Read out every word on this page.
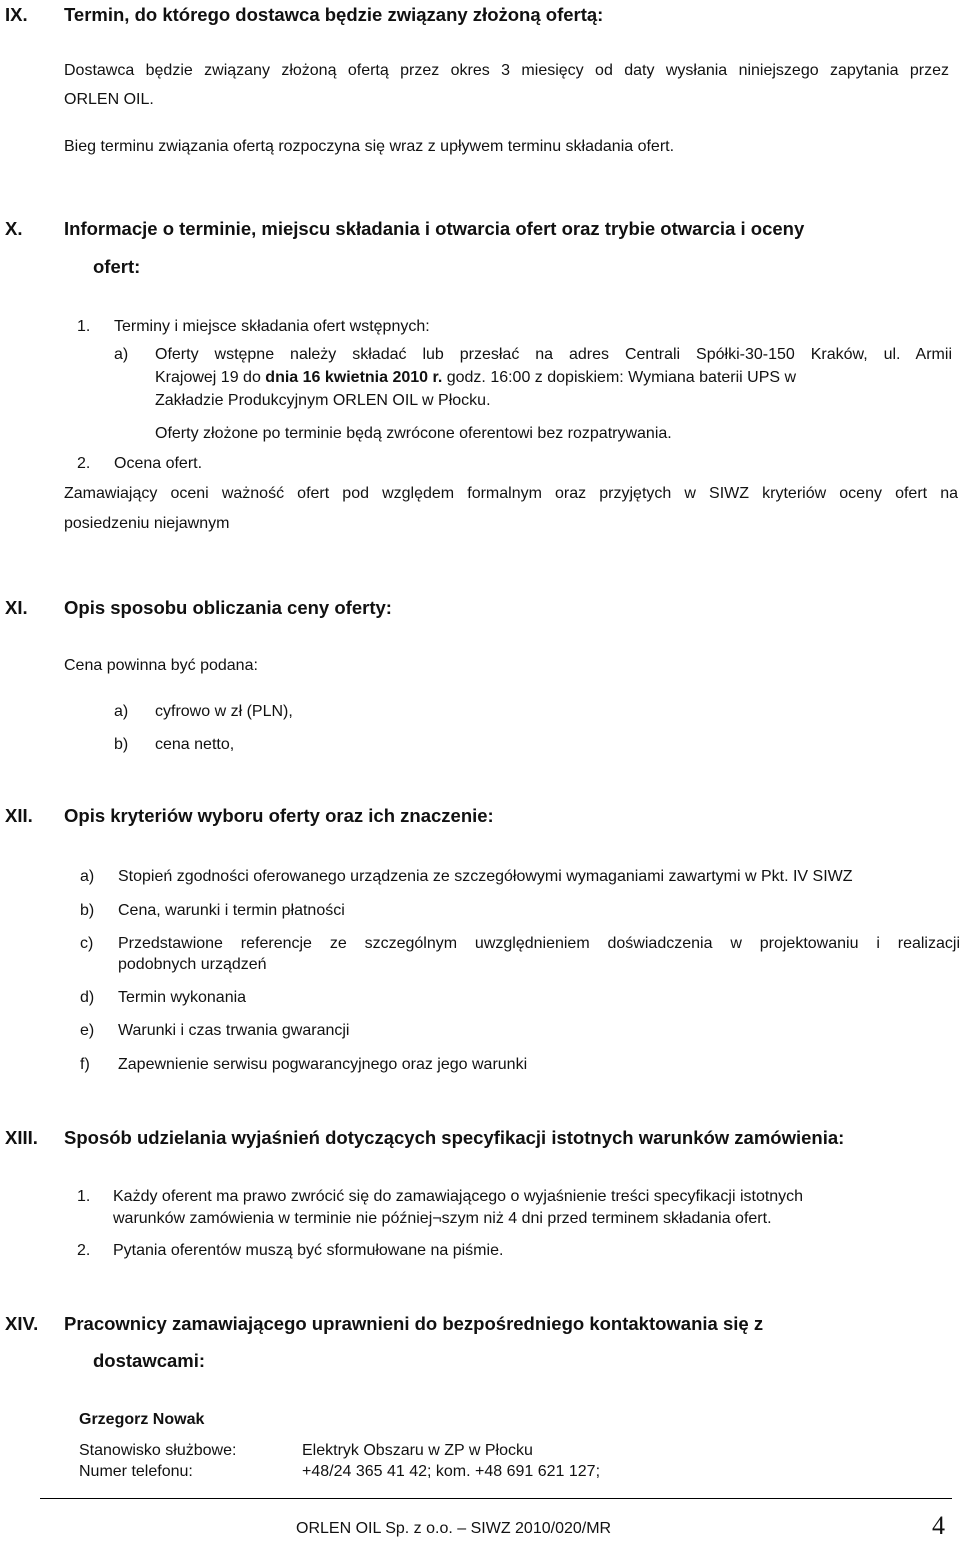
IX. Termin, do którego dostawca będzie związany złożoną ofertą:
Dostawca będzie związany złożoną ofertą przez okres 3 miesięcy od daty wysłania niniejszego zapytania przez
ORLEN OIL.
Bieg terminu związania ofertą rozpoczyna się wraz z upływem terminu składania ofert.
X. Informacje o terminie, miejscu składania i otwarcia ofert oraz trybie otwarcia i oceny
ofert:
1. Terminy i miejsce składania ofert wstępnych:
a) Oferty wstępne należy składać lub przesłać na adres Centrali Spółki-30-150 Kraków, ul. Armii
Krajowej 19 do dnia 16 kwietnia 2010 r. godz. 16:00 z dopiskiem: Wymiana baterii UPS w
Zakładzie Produkcyjnym ORLEN OIL w Płocku.
Oferty złożone po terminie będą zwrócone oferentowi bez rozpatrywania.
2. Ocena ofert.
Zamawiający oceni ważność ofert pod względem formalnym oraz przyjętych w SIWZ kryteriów oceny ofert na
posiedzeniu niejawnym
XI. Opis sposobu obliczania ceny oferty:
Cena powinna być podana:
a) cyfrowo w zł (PLN),
b) cena netto,
XII. Opis kryteriów wyboru oferty oraz ich znaczenie:
a) Stopień zgodności oferowanego urządzenia ze szczegółowymi wymaganiami zawartymi w Pkt. IV SIWZ
b) Cena, warunki i termin płatności
c) Przedstawione referencje ze szczególnym uwzględnieniem doświadczenia w projektowaniu i realizacji
podobnych urządzeń
d) Termin wykonania
e) Warunki i czas trwania gwarancji
f) Zapewnienie serwisu pogwarancyjnego oraz jego warunki
XIII. Sposób udzielania wyjaśnień dotyczących specyfikacji istotnych warunków zamówienia:
1. Każdy oferent ma prawo zwrócić się do zamawiającego o wyjaśnienie treści specyfikacji istotnych
warunków zamówienia w terminie nie później¬szym niż 4 dni przed terminem składania ofert.
2. Pytania oferentów muszą być sformułowane na piśmie.
XIV. Pracownicy zamawiającego uprawnieni do bezpośredniego kontaktowania się z
dostawcami:
Grzegorz Nowak
Stanowisko służbowe:	Elektryk Obszaru w ZP w Płocku
Numer telefonu:	+48/24 365 41 42; kom. +48 691 621 127;
ORLEN OIL Sp. z o.o. – SIWZ 2010/020/MR	4
